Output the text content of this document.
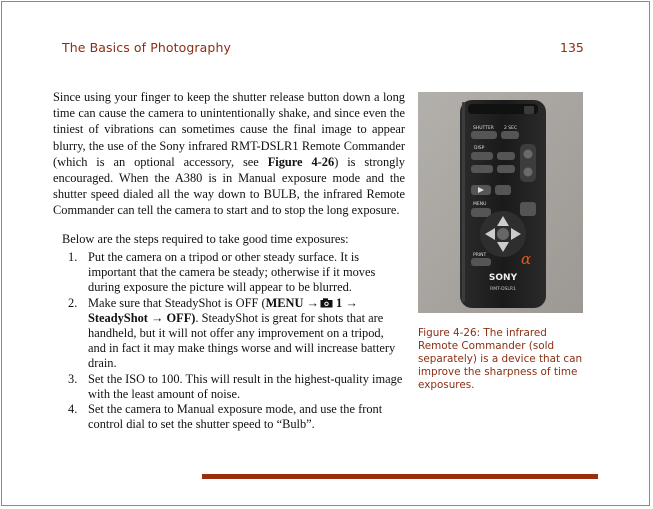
The Basics of Photography	135

Since using your finger to keep the shutter release button down a long time can cause the camera to unintentionally shake, and since even the tiniest of vibrations can sometimes cause the final image to appear blurry, the use of the Sony infrared RMT-DSLR1 Remote Commander (which is an optional accessory, see Figure 4-26) is strongly encouraged. When the A380 is in Manual exposure mode and the shutter speed dialed all the way down to BULB, the infrared Remote Commander can tell the camera to start and to stop the long exposure.

Below are the steps required to take good time exposures:

1. Put the camera on a tripod or other steady surface. It is important that the camera be steady; otherwise if it moves during exposure the picture will appear to be blurred.
2. Make sure that SteadyShot is OFF (MENU → 1 → SteadyShot → OFF). SteadyShot is great for shots that are handheld, but it will not offer any improvement on a tripod, and in fact it may make things worse and will increase battery drain.
3. Set the ISO to 100. This will result in the highest-quality image with the least amount of noise.
4. Set the camera to Manual exposure mode, and use the front control dial to set the shutter speed to “Bulb”.
SHUTTER 2 SEC
DISP
MENU
PRINT α
SONY
RMT-DSLR1
Figure 4-26: The infrared Remote Commander (sold separately) is a device that can improve the sharpness of time exposures.
